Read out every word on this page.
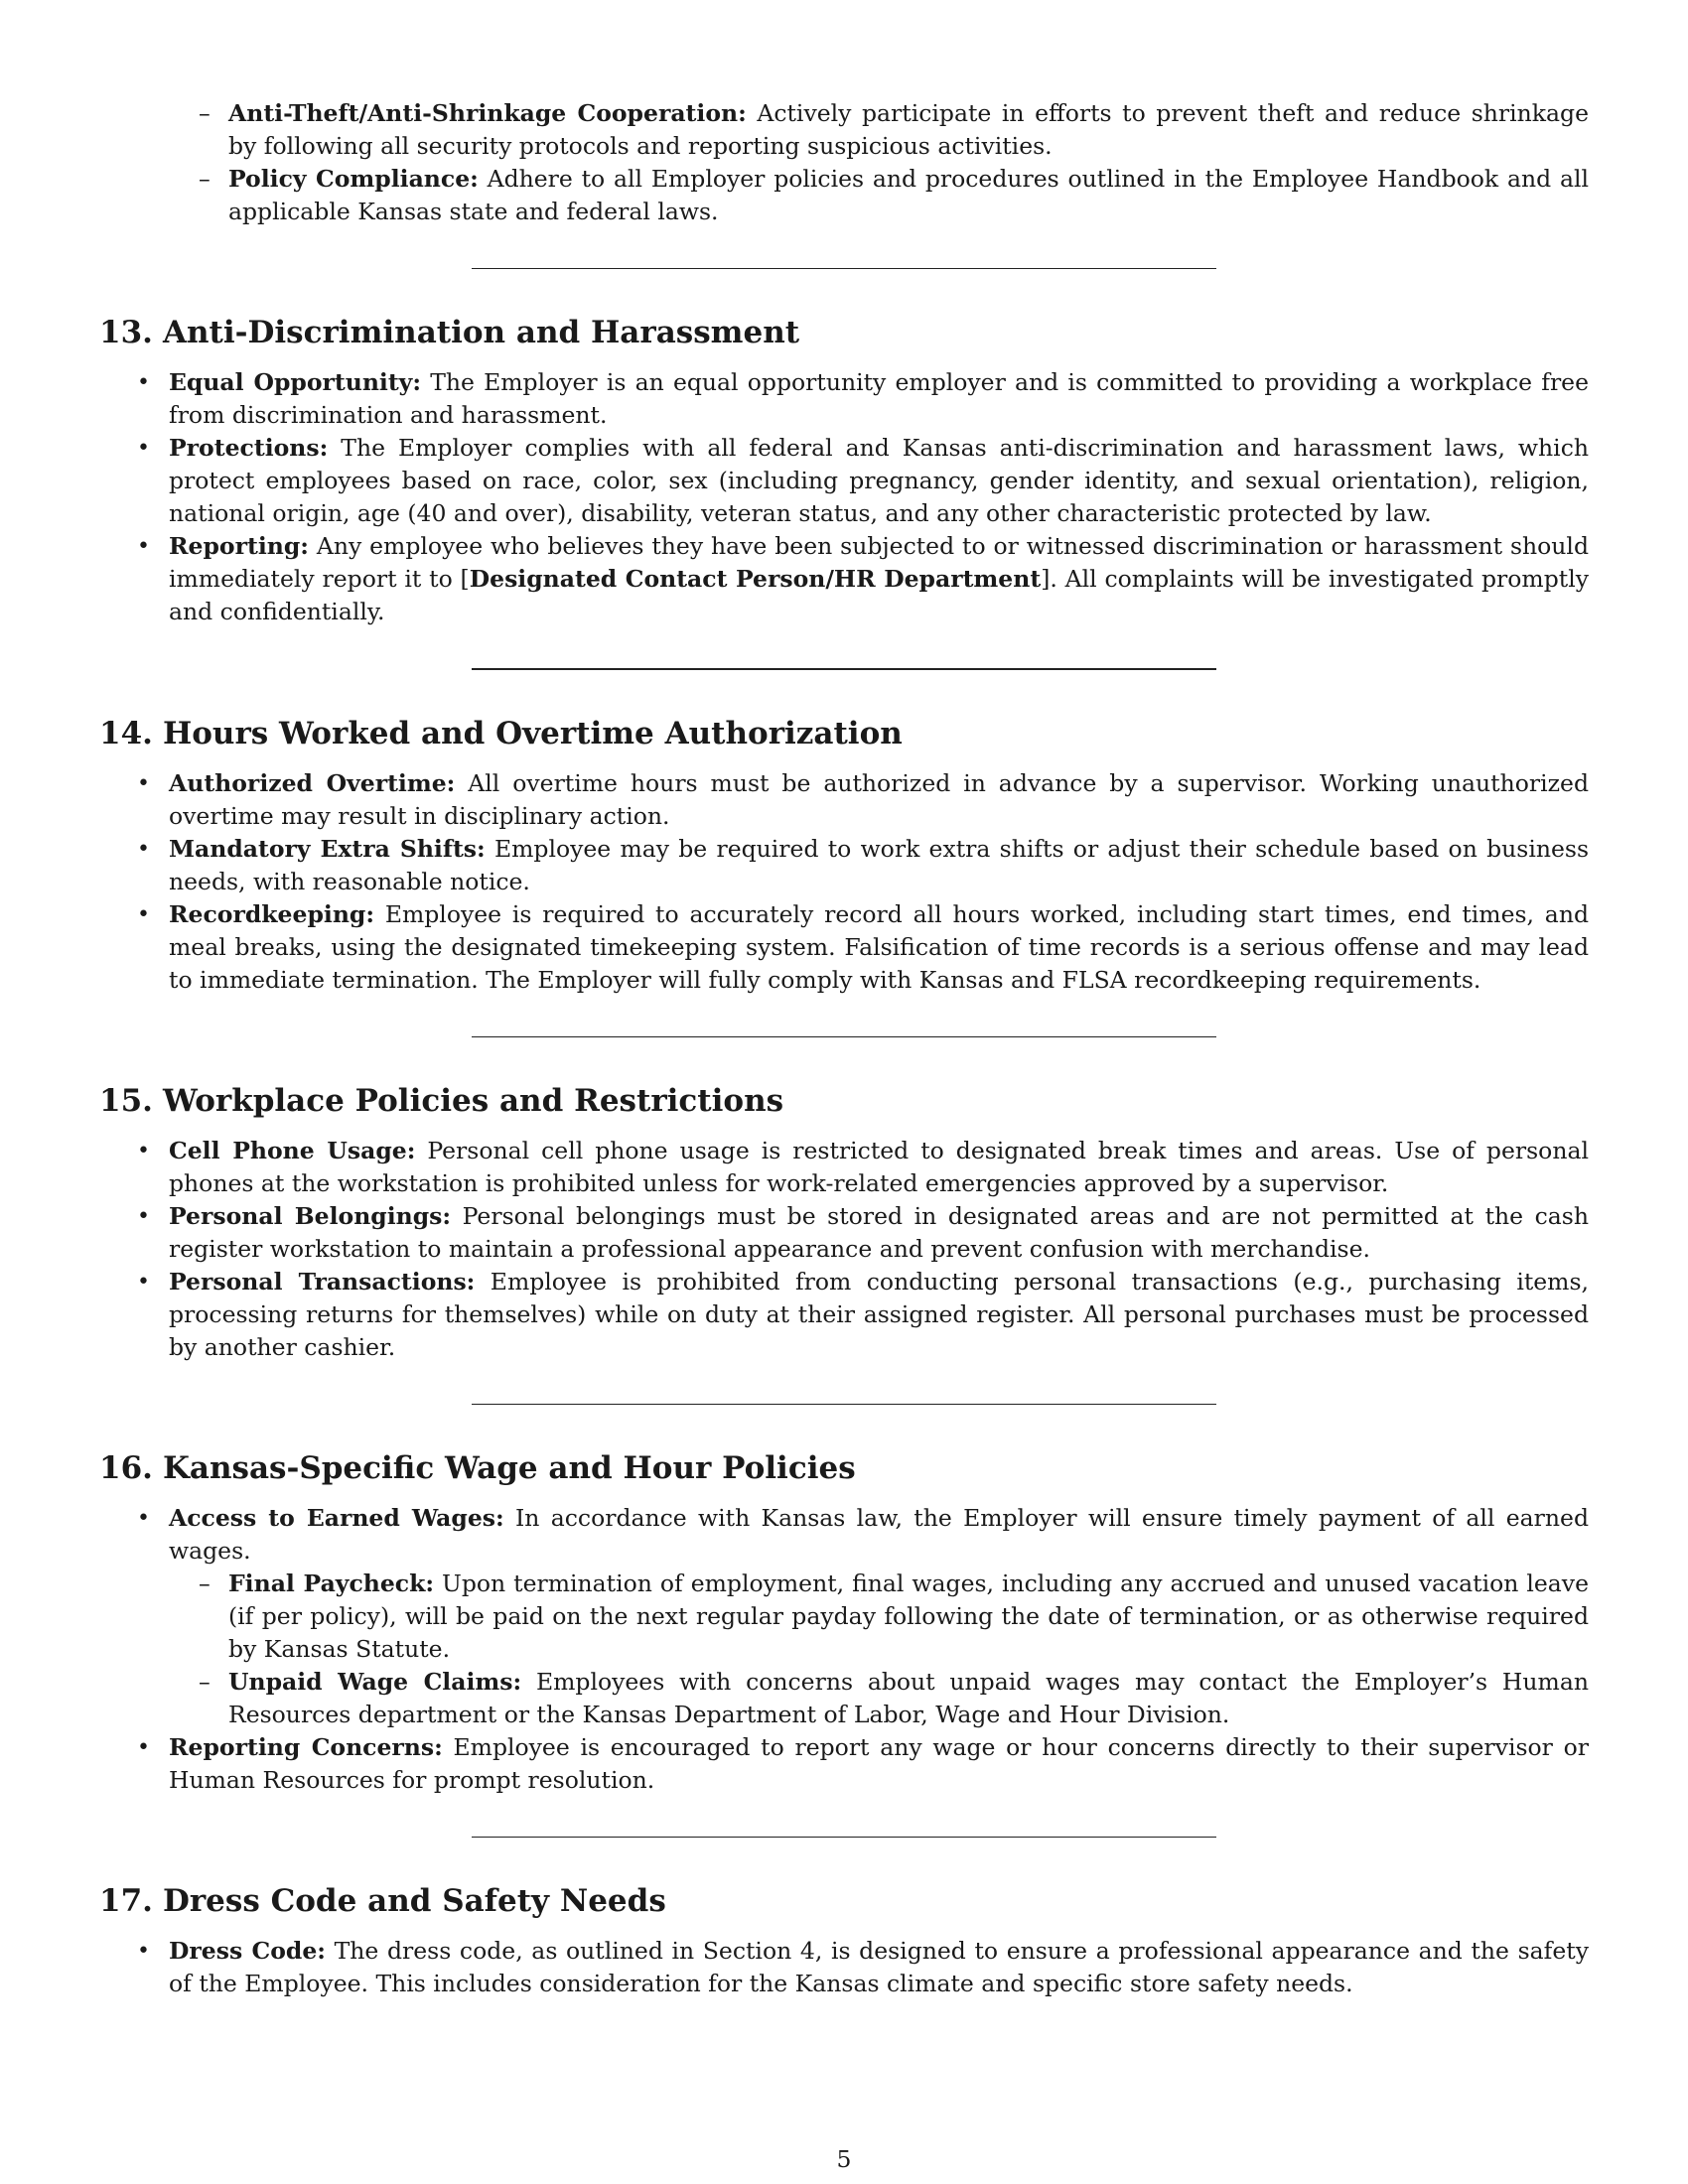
– Anti-Theft/Anti-Shrinkage Cooperation: Actively participate in efforts to prevent theft and reduce shrinkage by following all security protocols and reporting suspicious activities.

– Policy Compliance: Adhere to all Employer policies and procedures outlined in the Employee Handbook and all applicable Kansas state and federal laws.

13. Anti-Discrimination and Harassment
• Equal Opportunity: The Employer is an equal opportunity employer and is committed to providing a workplace free from discrimination and harassment.

• Protections: The Employer complies with all federal and Kansas anti-discrimination and harassment laws, which protect employees based on race, color, sex (including pregnancy, gender identity, and sexual orientation), religion, national origin, age (40 and over), disability, veteran status, and any other characteristic protected by law.

• Reporting: Any employee who believes they have been subjected to or witnessed discrimination or harassment should immediately report it to [Designated Contact Person/HR Department]. All complaints will be investigated promptly and confidentially.

14. Hours Worked and Overtime Authorization
• Authorized Overtime: All overtime hours must be authorized in advance by a supervisor. Working unauthorized overtime may result in disciplinary action.

• Mandatory Extra Shifts: Employee may be required to work extra shifts or adjust their schedule based on business needs, with reasonable notice.

• Recordkeeping: Employee is required to accurately record all hours worked, including start times, end times, and meal breaks, using the designated timekeeping system. Falsification of time records is a serious offense and may lead to immediate termination. The Employer will fully comply with Kansas and FLSA recordkeeping requirements.

15. Workplace Policies and Restrictions
• Cell Phone Usage: Personal cell phone usage is restricted to designated break times and areas. Use of personal phones at the workstation is prohibited unless for work-related emergencies approved by a supervisor.

• Personal Belongings: Personal belongings must be stored in designated areas and are not permitted at the cash register workstation to maintain a professional appearance and prevent confusion with merchandise.

• Personal Transactions: Employee is prohibited from conducting personal transactions (e.g., purchasing items, processing returns for themselves) while on duty at their assigned register. All personal purchases must be processed by another cashier.

16. Kansas-Specific Wage and Hour Policies
• Access to Earned Wages: In accordance with Kansas law, the Employer will ensure timely payment of all earned wages.

– Final Paycheck: Upon termination of employment, final wages, including any accrued and unused vacation leave (if per policy), will be paid on the next regular payday following the date of termination, or as otherwise required by Kansas Statute.

– Unpaid Wage Claims: Employees with concerns about unpaid wages may contact the Employer’s Human Resources department or the Kansas Department of Labor, Wage and Hour Division.

• Reporting Concerns: Employee is encouraged to report any wage or hour concerns directly to their supervisor or Human Resources for prompt resolution.

17. Dress Code and Safety Needs
• Dress Code: The dress code, as outlined in Section 4, is designed to ensure a professional appearance and the safety of the Employee. This includes consideration for the Kansas climate and specific store safety needs.

5
